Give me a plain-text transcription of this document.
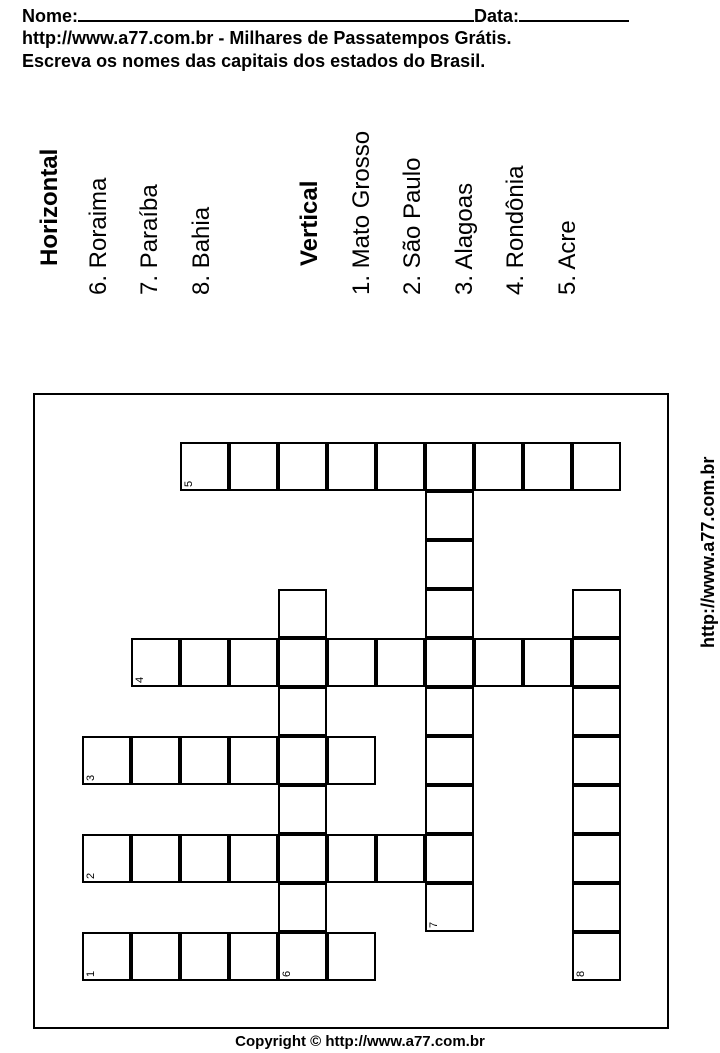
Nome:	Data:
http://www.a77.com.br - Milhares de Passatempos Grátis.
Escreva os nomes das capitais dos estados do Brasil.
Horizontal 6. Roraima 7. Paraíba 8. Bahia	Vertical 1. Mato Grosso 2. São Paulo 3. Alagoas 4. Rondônia 5. Acre
5
4
3
2
7
1	6	8
http://www.a77.com.br
Copyright © http://www.a77.com.br
